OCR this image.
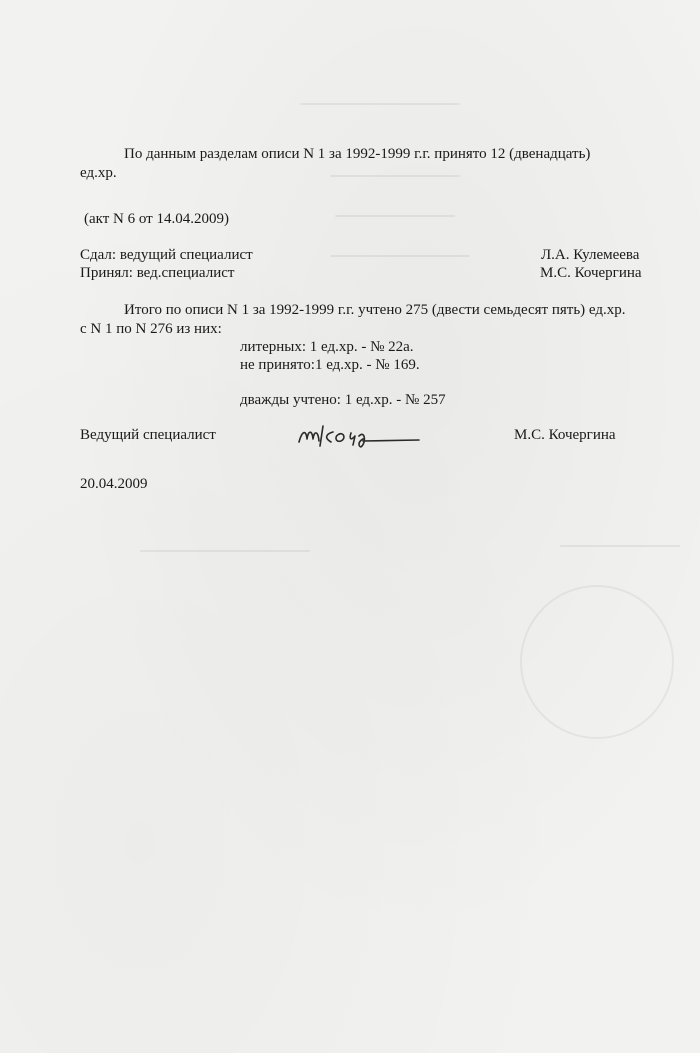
По данным разделам описи N 1 за 1992-1999 г.г. принято 12 (двенадцать)
ед.хр.
(акт N 6 от 14.04.2009)
Сдал: ведущий специалист	Л.А. Кулемеева
Принял: вед.специалист	М.С. Кочергина
Итого по описи N 1 за 1992-1999 г.г. учтено 275 (двести семьдесят пять) ед.хр.
с N 1 по N 276 из них:
литерных: 1 ед.хр. - № 22а.
не принято:1 ед.хр. - № 169.
дважды учтено: 1 ед.хр. - № 257
Ведущий специалист	М.С. Кочергина
20.04.2009
